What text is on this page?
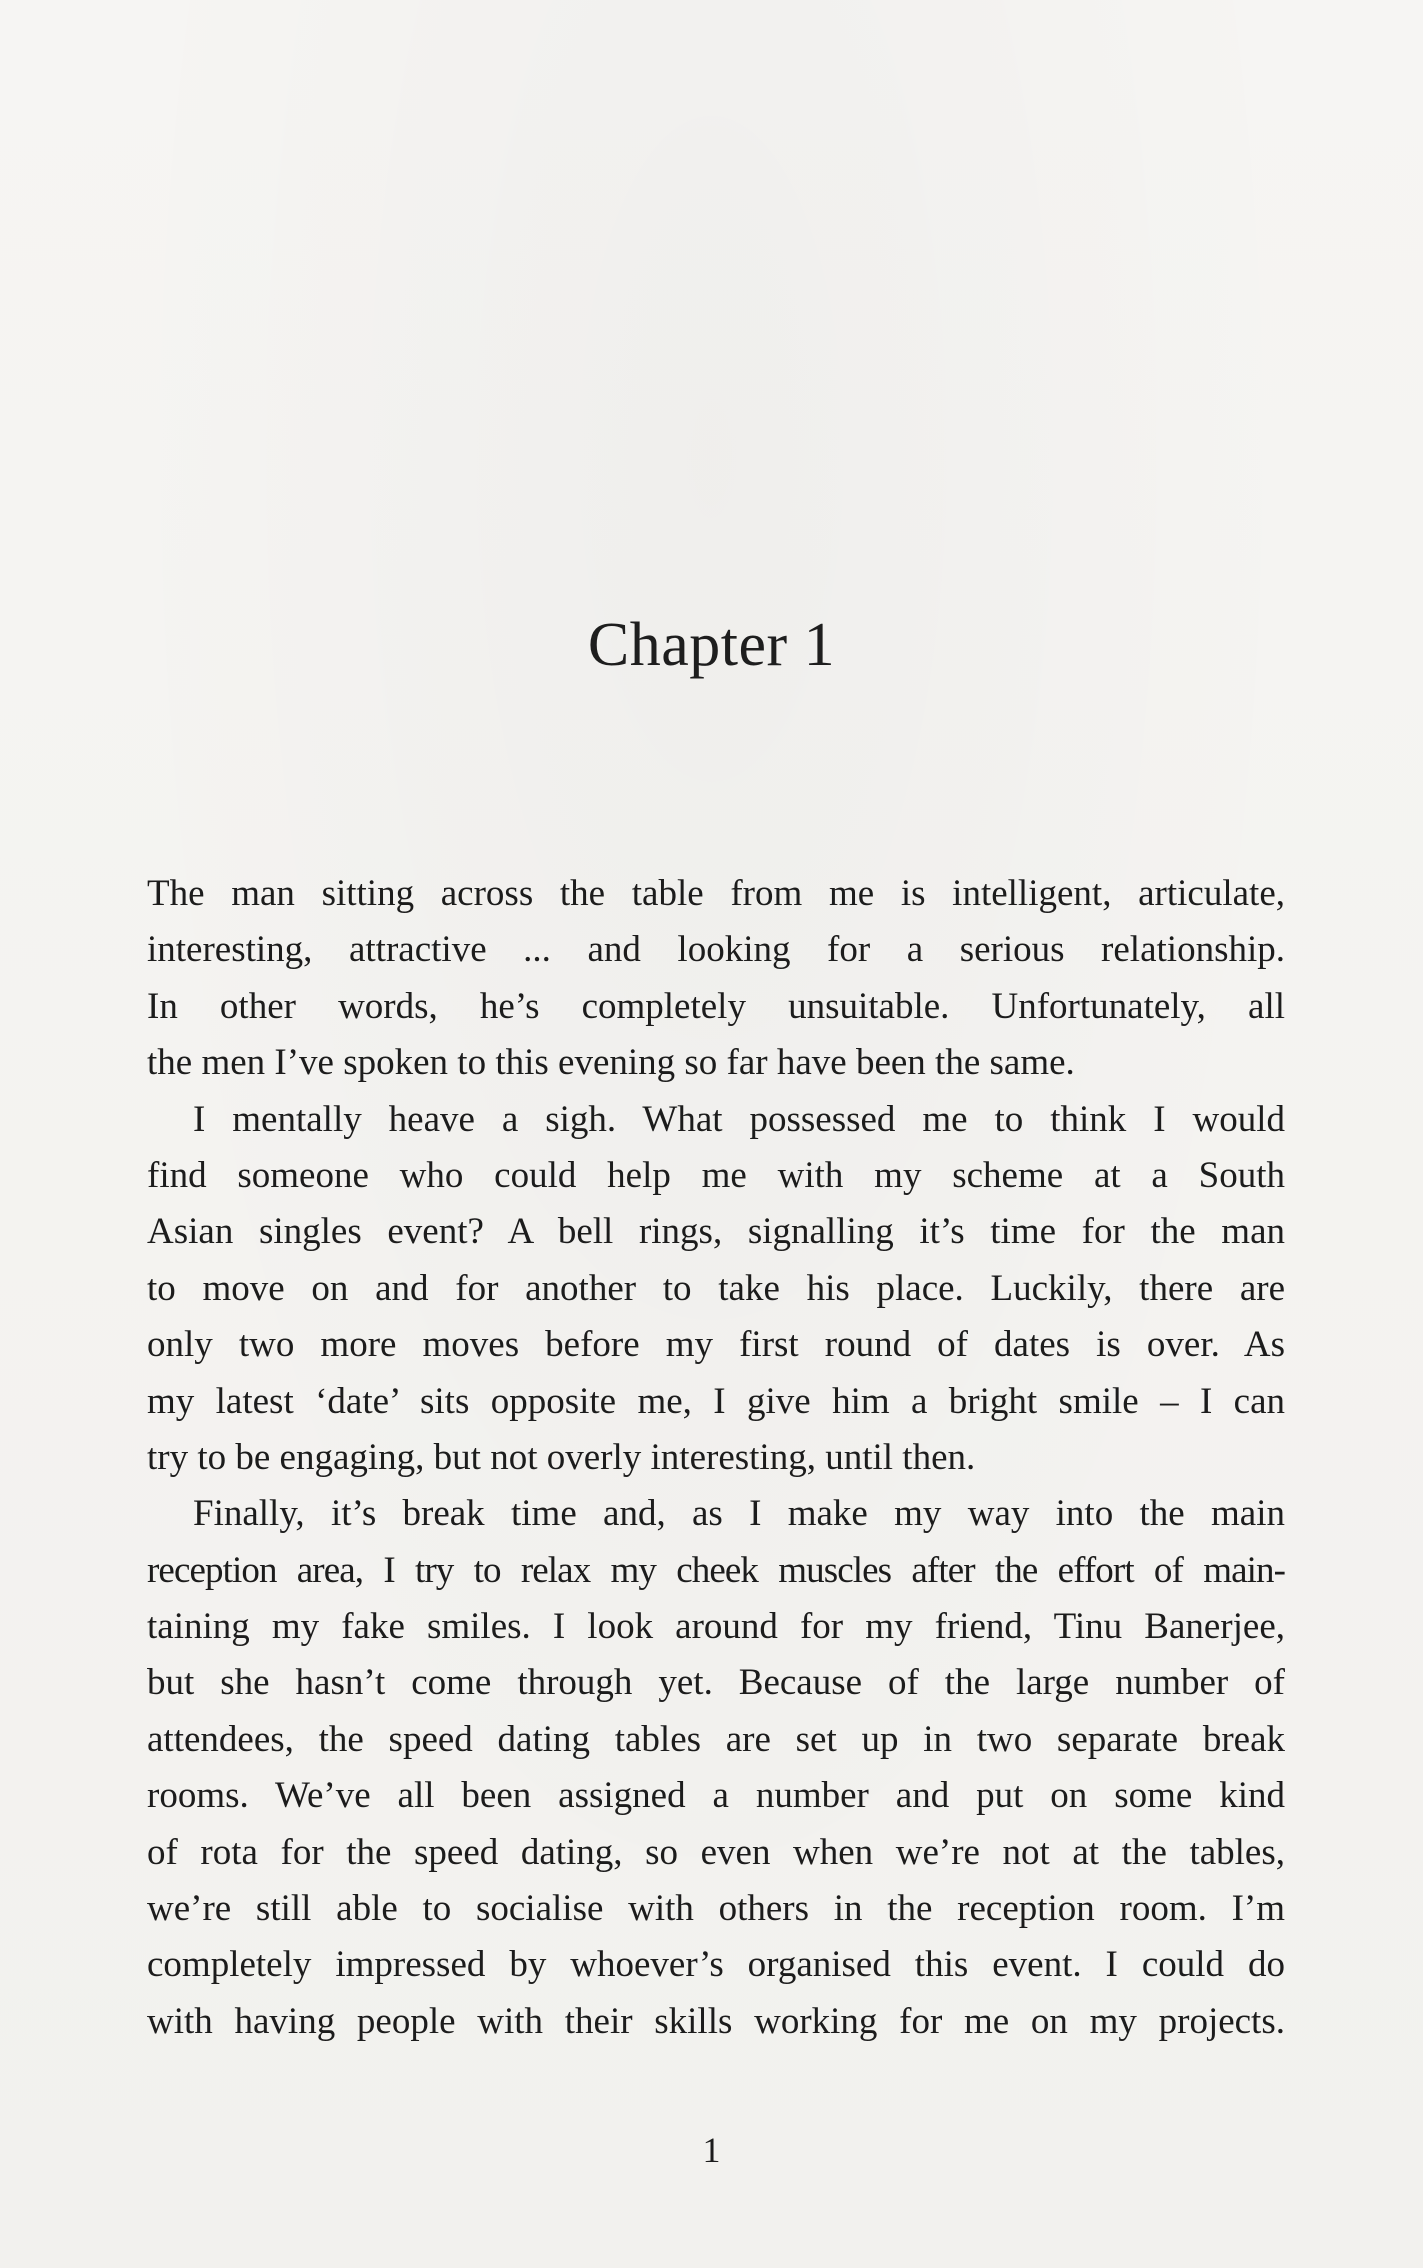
Chapter 1
The man sitting across the table from me is intelligent, articulate,
interesting, attractive ... and looking for a serious relationship.
In other words, he’s completely unsuitable. Unfortunately, all
the men I’ve spoken to this evening so far have been the same.
I mentally heave a sigh. What possessed me to think I would
find someone who could help me with my scheme at a South
Asian singles event? A bell rings, signalling it’s time for the man
to move on and for another to take his place. Luckily, there are
only two more moves before my first round of dates is over. As
my latest ‘date’ sits opposite me, I give him a bright smile – I can
try to be engaging, but not overly interesting, until then.
Finally, it’s break time and, as I make my way into the main
reception area, I try to relax my cheek muscles after the effort of main-
taining my fake smiles. I look around for my friend, Tinu Banerjee,
but she hasn’t come through yet. Because of the large number of
attendees, the speed dating tables are set up in two separate break
rooms. We’ve all been assigned a number and put on some kind
of rota for the speed dating, so even when we’re not at the tables,
we’re still able to socialise with others in the reception room. I’m
completely impressed by whoever’s organised this event. I could do
with having people with their skills working for me on my projects.
1
